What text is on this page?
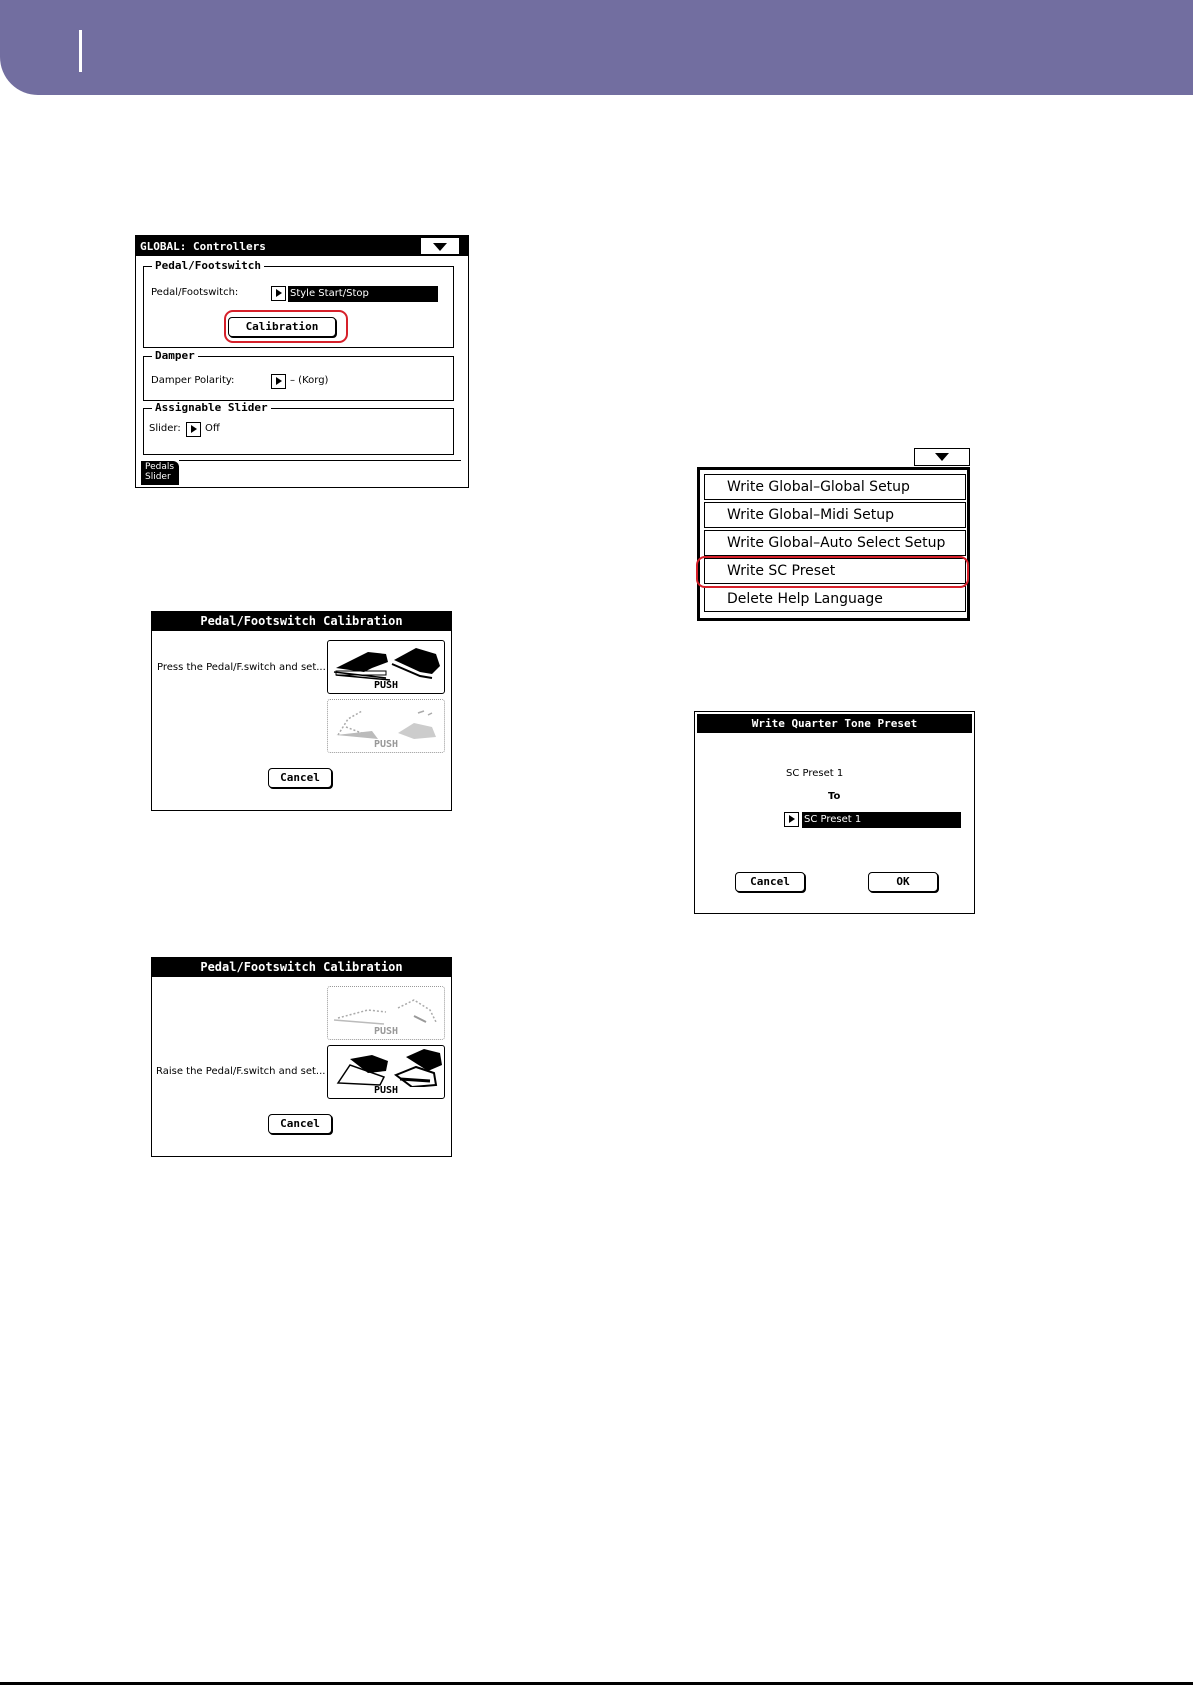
GLOBAL: Controllers
Pedal/Footswitch
Pedal/Footswitch:	Style Start/Stop
Calibration
Damper
Damper Polarity:	– (Korg)
Assignable Slider
Slider: Off
Pedals
Slider
Pedal/Footswitch Calibration
Press the Pedal/F.switch and set...
PUSH
PUSH
Cancel
Pedal/Footswitch Calibration
PUSH
Raise the Pedal/F.switch and set...
PUSH
Cancel
Write Global–Global Setup
Write Global–Midi Setup
Write Global–Auto Select Setup
Write SC Preset
Delete Help Language
Write Quarter Tone Preset
SC Preset 1
To
SC Preset 1
Cancel	OK
